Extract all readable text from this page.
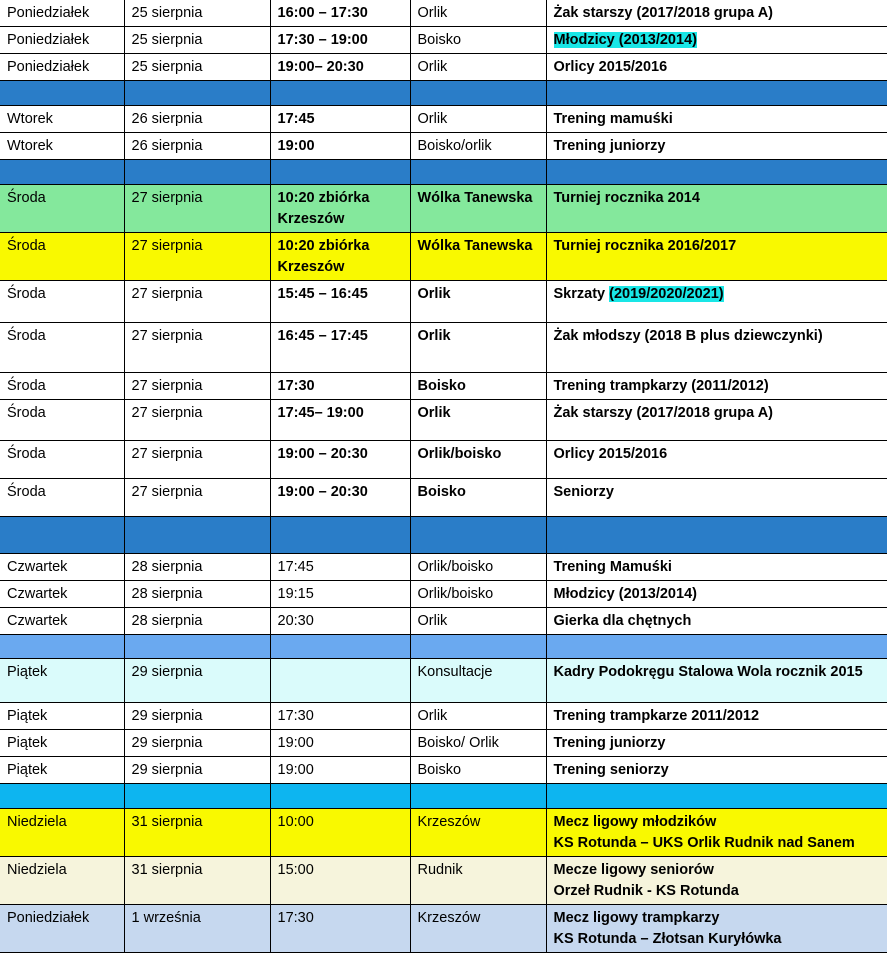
Poniedziałek	25 sierpnia	16:00 – 17:30	Orlik	Żak starszy (2017/2018 grupa A)
Poniedziałek	25 sierpnia	17:30 – 19:00	Boisko	Młodzicy (2013/2014)
Poniedziałek	25 sierpnia	19:00– 20:30	Orlik	Orlicy 2015/2016

Wtorek	26 sierpnia	17:45	Orlik	Trening mamuśki
Wtorek	26 sierpnia	19:00	Boisko/orlik	Trening juniorzy

Środa	27 sierpnia	10:20 zbiórka Krzeszów	Wólka Tanewska	Turniej rocznika 2014
Środa	27 sierpnia	10:20 zbiórka Krzeszów	Wólka Tanewska	Turniej rocznika 2016/2017
Środa	27 sierpnia	15:45 – 16:45	Orlik	Skrzaty (2019/2020/2021)
Środa	27 sierpnia	16:45 – 17:45	Orlik	Żak młodszy (2018 B plus dziewczynki)
Środa	27 sierpnia	17:30	Boisko	Trening trampkarzy (2011/2012)
Środa	27 sierpnia	17:45– 19:00	Orlik	Żak starszy (2017/2018 grupa A)
Środa	27 sierpnia	19:00 – 20:30	Orlik/boisko	Orlicy 2015/2016
Środa	27 sierpnia	19:00 – 20:30	Boisko	Seniorzy

Czwartek	28 sierpnia	17:45	Orlik/boisko	Trening Mamuśki
Czwartek	28 sierpnia	19:15	Orlik/boisko	Młodzicy (2013/2014)
Czwartek	28 sierpnia	20:30	Orlik	Gierka dla chętnych

Piątek	29 sierpnia		Konsultacje	Kadry Podokręgu Stalowa Wola rocznik 2015
Piątek	29 sierpnia	17:30	Orlik	Trening trampkarze 2011/2012
Piątek	29 sierpnia	19:00	Boisko/ Orlik	Trening juniorzy
Piątek	29 sierpnia	19:00	Boisko	Trening seniorzy

Niedziela	31 sierpnia	10:00	Krzeszów	Mecz ligowy młodzików
KS Rotunda – UKS Orlik Rudnik nad Sanem
Niedziela	31 sierpnia	15:00	Rudnik	Mecze ligowy seniorów
Orzeł Rudnik - KS Rotunda
Poniedziałek	1 września	17:30	Krzeszów	Mecz ligowy trampkarzy
KS Rotunda – Złotsan Kuryłówka
